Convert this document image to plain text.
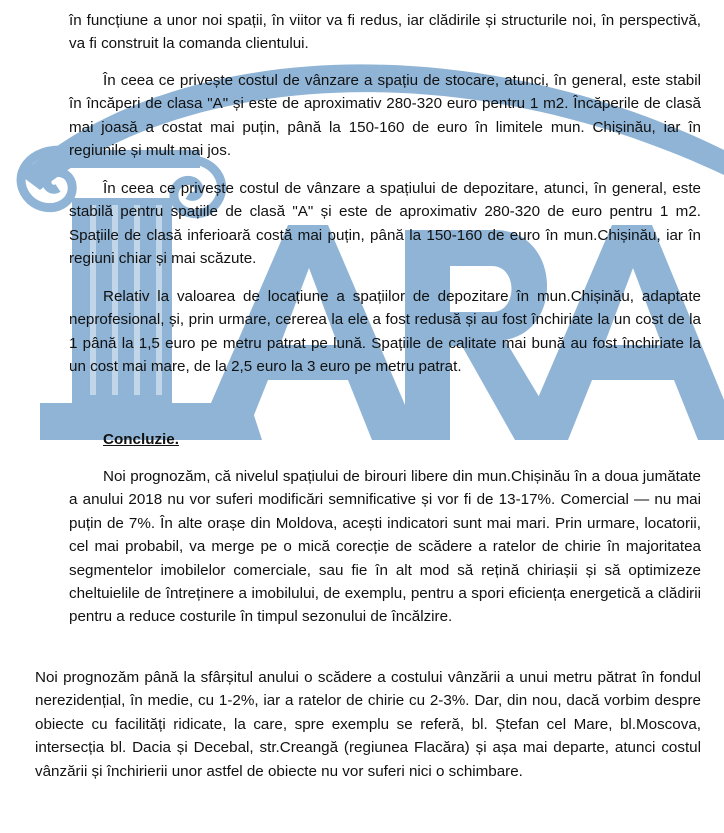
în funcțiune a unor noi spații, în viitor va fi redus, iar clădirile și structurile noi, în perspectivă, va fi construit la comanda clientului.

În ceea ce privește costul de vânzare a spațiu de stocare, atunci, în general, este stabil în încăperi de clasa "A" și este de aproximativ 280-320 euro pentru 1 m2. Încăperile de clasă mai joasă a costat mai puțin, până la 150-160 de euro în limitele mun. Chișinău, iar în regiunile și mult mai jos.

În ceea ce privește costul de vânzare a spațiului de depozitare, atunci, în general, este stabilă pentru spațiile de clasă "A" și este de aproximativ 280-320 de euro pentru 1 m2. Spațiile de clasă inferioară costă mai puțin, până la 150-160 de euro în mun.Chișinău, iar în regiuni chiar și mai scăzute.

Relativ la valoarea de locațiune a spațiilor de depozitare în mun.Chișinău, adaptate neprofesional, și, prin urmare, cererea la ele a fost redusă și au fost închiriate la un cost de la 1 până la 1,5 euro pe metru patrat pe lună. Spațiile de calitate mai bună au fost închiriate la un cost mai mare, de la 2,5 euro la 3 euro pe metru patrat.

Concluzie.

Noi prognozăm, că nivelul spațiului de birouri libere din mun.Chișinău în a doua jumătate a anului 2018 nu vor suferi modificări semnificative și vor fi de 13-17%. Comercial — nu mai puțin de 7%. În alte orașe din Moldova, acești indicatori sunt mai mari. Prin urmare, locatorii, cel mai probabil, va merge pe o mică corecție de scădere a ratelor de chirie în majoritatea segmentelor imobilelor comerciale, sau fie în alt mod să rețină chiriașii și să optimizeze cheltuielile de întreținere a imobilului, de exemplu, pentru a spori eficiența energetică a clădirii pentru a reduce costurile în timpul sezonului de încălzire.

Noi prognozăm până la sfârșitul anului o scădere a costului vânzării a unui metru pătrat în fondul nerezidențial, în medie, cu 1-2%, iar a ratelor de chirie cu 2-3%. Dar, din nou, dacă vorbim despre obiecte cu facilități ridicate, la care, spre exemplu se referă, bl. Ștefan cel Mare, bl.Moscova, intersecția bl. Dacia și Decebal, str.Creangă (regiunea Flacăra) și așa mai departe, atunci costul vânzării și închirierii unor astfel de obiecte nu vor suferi nici o schimbare.
